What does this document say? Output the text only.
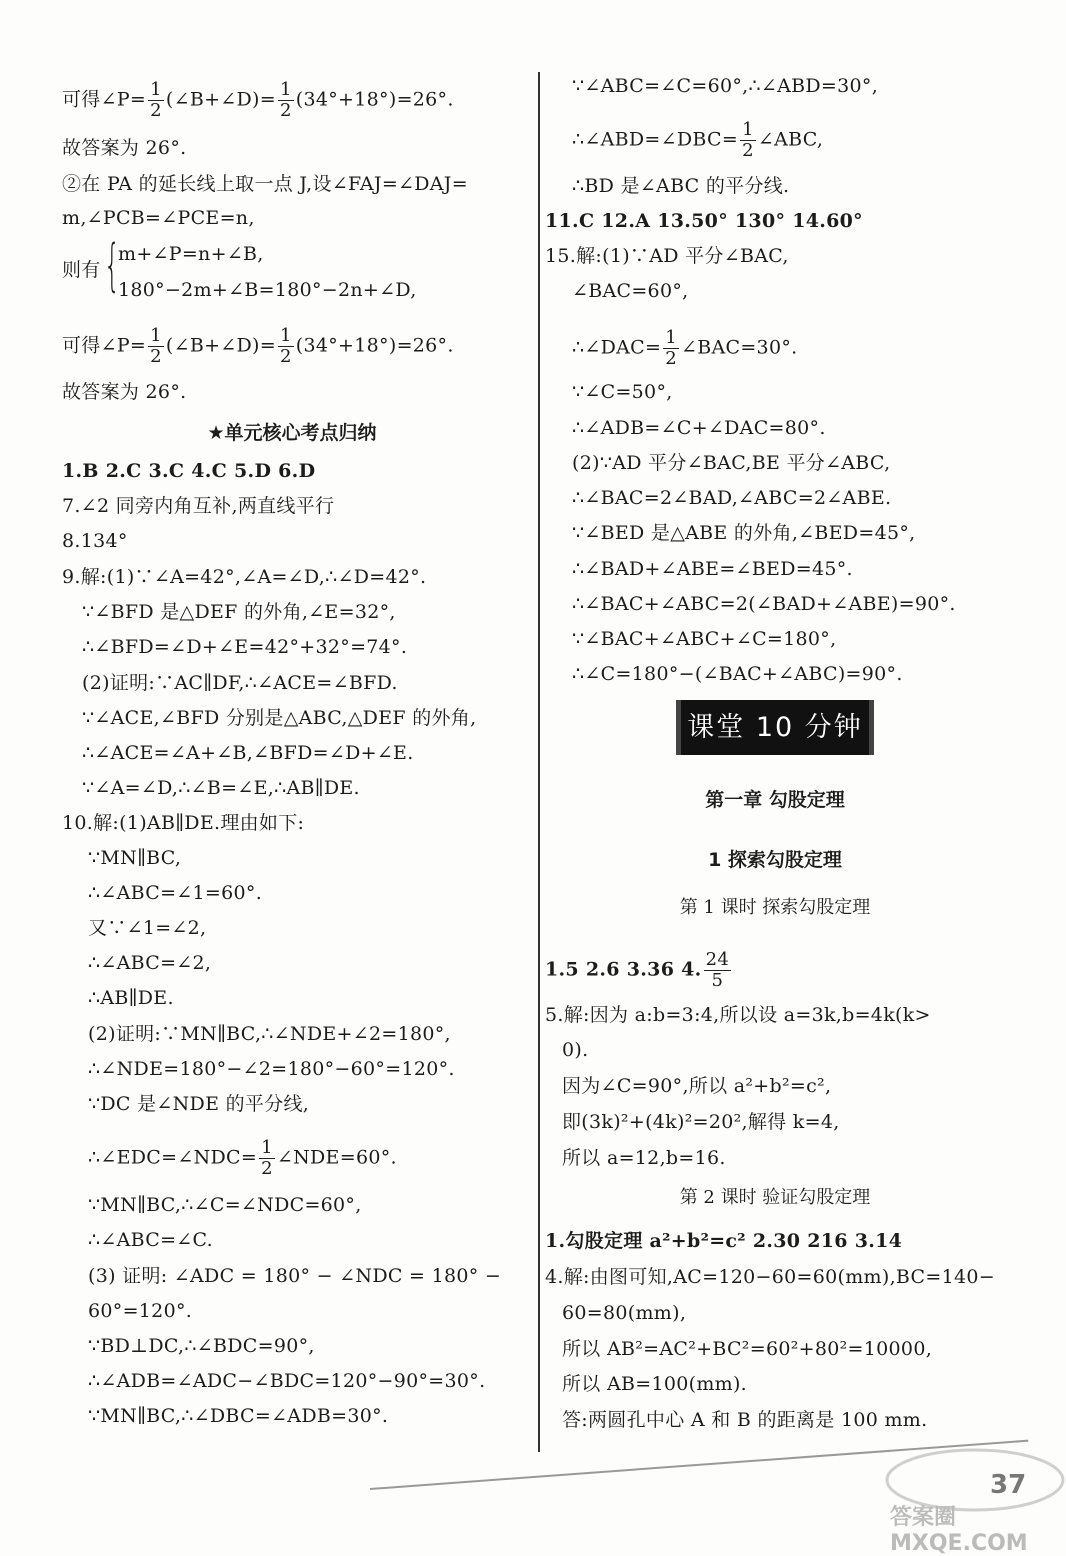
可得∠P= $\frac{1}{2}$ (∠B+∠D)= $\frac{1}{2} (34^\circ+18^\circ)=26^\circ$.
故答案为 26°.
②在 PA 的延长线上取一点 J,设∠FAJ=∠DAJ=
m,∠PCB=∠PCE=n,
则有 {
m+∠P=n+∠B,
180°−2m+∠B=180°−2n+∠D,
可得∠P= $\frac{1}{2}$ (∠B+∠D)= $\frac{1}{2} (34^\circ+18^\circ)=26^\circ$.
故答案为 26°.
★单元核心考点归纳
1.B 2.C 3.C 4.C 5.D 6.D
7.∠2 同旁内角互补,两直线平行
8.134°
9.解:(1)∵∠A=42°,∠A=∠D,∴∠D=42°.
∵∠BFD 是△DEF 的外角,∠E=32°,
∴∠BFD=∠D+∠E=42°+32°=74°.
(2)证明:∵AC∥DF,∴∠ACE=∠BFD.
∵∠ACE,∠BFD 分别是△ABC,△DEF 的外角,
∴∠ACE=∠A+∠B,∠BFD=∠D+∠E.
∵∠A=∠D,∴∠B=∠E,∴AB∥DE.
10.解:(1)AB∥DE.理由如下:
∵MN∥BC,
∴∠ABC=∠1=60°.
又∵∠1=∠2,
∴∠ABC=∠2,
∴AB∥DE.
(2)证明:∵MN∥BC,∴∠NDE+∠2=180°,
∴∠NDE=180°−∠2=180°−60°=120°.
∵DC 是∠NDE 的平分线,
∴∠EDC=∠NDC= $\frac{1}{2}$ ∠NDE=60°.
∵MN∥BC,∴∠C=∠NDC=60°,
∴∠ABC=∠C.
(3) 证明: ∠ADC = 180° − ∠NDC = 180° −
60°=120°.
∵BD⊥DC,∴∠BDC=90°,
∴∠ADB=∠ADC−∠BDC=120°−90°=30°.
∵MN∥BC,∴∠DBC=∠ADB=30°.
∵∠ABC=∠C=60°,∴∠ABD=30°,
∴∠ABD=∠DBC= $\frac{1}{2}$ ∠ABC,
∴BD 是∠ABC 的平分线.
11.C 12.A 13.50° 130° 14.60°
15.解:(1)∵AD 平分∠BAC,
∠BAC=60°,
∴∠DAC= $\frac{1}{2}$ ∠BAC=30°.
∵∠C=50°,
∴∠ADB=∠C+∠DAC=80°.
(2)∵AD 平分∠BAC,BE 平分∠ABC,
∴∠BAC=2∠BAD,∠ABC=2∠ABE.
∵∠BED 是△ABE 的外角,∠BED=45°,
∴∠BAD+∠ABE=∠BED=45°.
∴∠BAC+∠ABC=2(∠BAD+∠ABE)=90°.
∵∠BAC+∠ABC+∠C=180°,
∴∠C=180°−(∠BAC+∠ABC)=90°.
课堂 10 分钟
第一章 勾股定理
1 探索勾股定理
第 1 课时 探索勾股定理
1.5 2.6 3.36 4. $\frac{24}{5}$
5.解:因为 a:b=3:4,所以设 a=3k,b=4k(k>
0).
因为∠C=90°,所以 a²+b²=c²,
即(3k)²+(4k)²=20²,解得 k=4,
所以 a=12,b=16.
第 2 课时 验证勾股定理
1.勾股定理 a²+b²=c² 2.30 216 3.14
4.解:由图可知,AC=120−60=60(mm),BC=140−
60=80(mm),
所以 AB²=AC²+BC²=60²+80²=10000,
所以 AB=100(mm).
答:两圆孔中心 A 和 B 的距离是 100 mm.
37
答案圈 MXQE.COM
